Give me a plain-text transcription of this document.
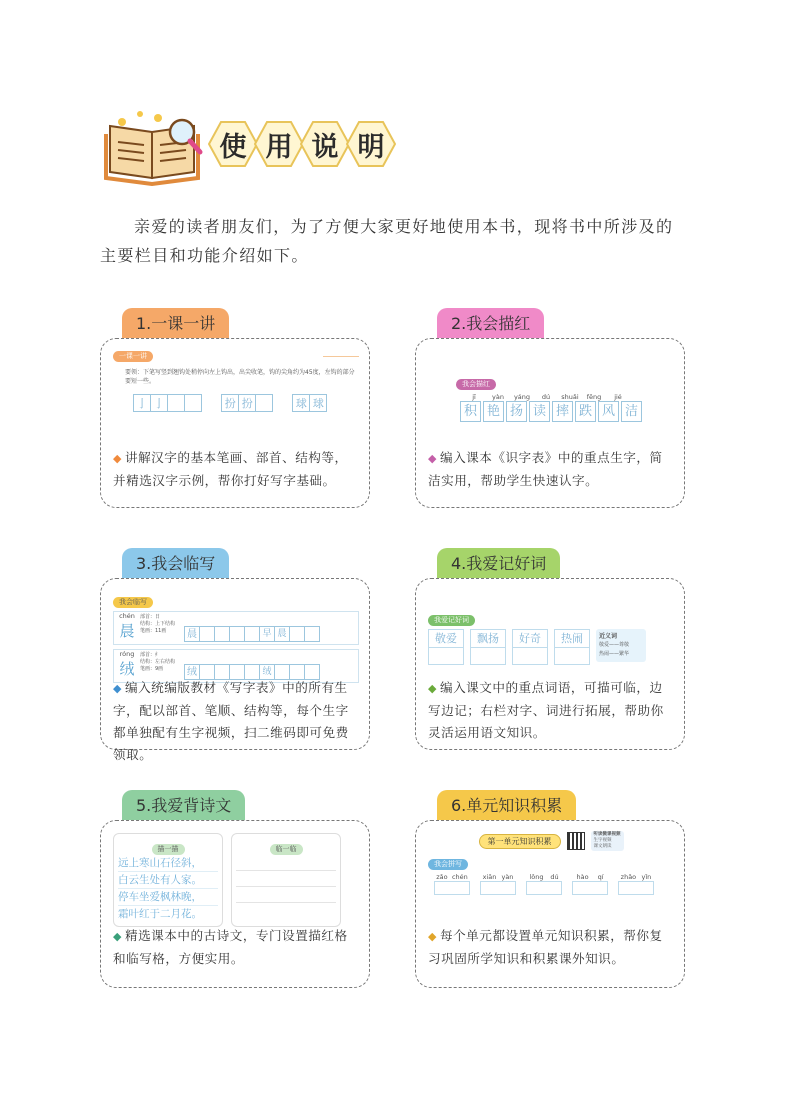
使 用 说 明

亲爱的读者朋友们，为了方便大家更好地使用本书，现将书中所涉及的主要栏目和功能介绍如下。

1.一课一讲
一课一讲
要领：下笔写竖到翘钩处稍停向左上钩出，出尖收笔，钩的尖角约为45度，左钩的部分要短一些。
亅 亅	扮 扮	球 球
◆ 讲解汉字的基本笔画、部首、结构等，并精选汉字示例，帮你打好写字基础。
2.我会描红
我会描红
jī	yàn	yáng	dú	shuǎi	fēng	jié
积 艳 扬 读 摔 跌 风 洁
◆ 编入课本《识字表》中的重点生字，简洁实用，帮助学生快速认字。
3.我会临写
我会临写
chén
晨
部首：日
结构：上下结构
笔画：11画	晨	早 晨
róng
绒
部首：纟
结构：左右结构
笔画：9画	绒	绒
◆ 编入统编版教材《写字表》中的所有生字，配以部首、笔顺、结构等，每个生字都单独配有生字视频，扫二维码即可免费领取。
4.我爱记好词
我爱记好词
敬爱	飘扬	好奇	热闹	近义词
敬爱——尊敬
热闹——繁华
◆ 编入课文中的重点词语，可描可临，边写边记；右栏对字、词进行拓展，帮助你灵活运用语文知识。
5.我爱背诗文
描一描
远上寒山石径斜，
白云生处有人家。
停车坐爱枫林晚，
霜叶红于二月花。
临一临
◆ 精选课本中的古诗文，专门设置描红格和临写格，方便实用。
6.单元知识积累
第一单元知识积累
听读微课视频
生字视频
课文朗读
我会拼写
zǎo chén xiān yàn lǒng dú	hào qí	zhǎo yǐn
◆ 每个单元都设置单元知识积累，帮你复习巩固所学知识和积累课外知识。
